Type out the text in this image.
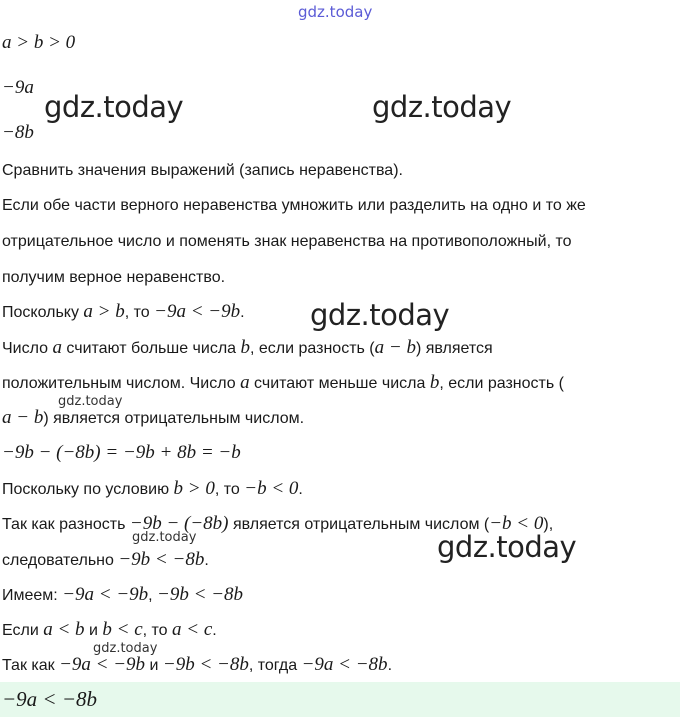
gdz.today
gdz.today	gdz.today
gdz.today
gdz.today
gdz.today	gdz.today
gdz.today
a > b > 0
−9a
−8b
Сравнить значения выражений (запись неравенства).
Если обе части верного неравенства умножить или разделить на одно и то же
отрицательное число и поменять знак неравенства на противоположный, то
получим верное неравенство.
Поскольку a > b, то −9a < −9b.
Число a считают больше числа b, если разность (a − b) является
положительным числом. Число a считают меньше числа b, если разность (
a − b) является отрицательным числом.
−9b − (−8b) = −9b + 8b = −b
Поскольку по условию b > 0, то −b < 0.
Так как разность −9b − (−8b) является отрицательным числом (−b < 0),
следовательно −9b < −8b.
Имеем: −9a < −9b, −9b < −8b
Если a < b и b < c, то a < c.
Так как −9a < −9b и −9b < −8b, тогда −9a < −8b.
−9a < −8b
